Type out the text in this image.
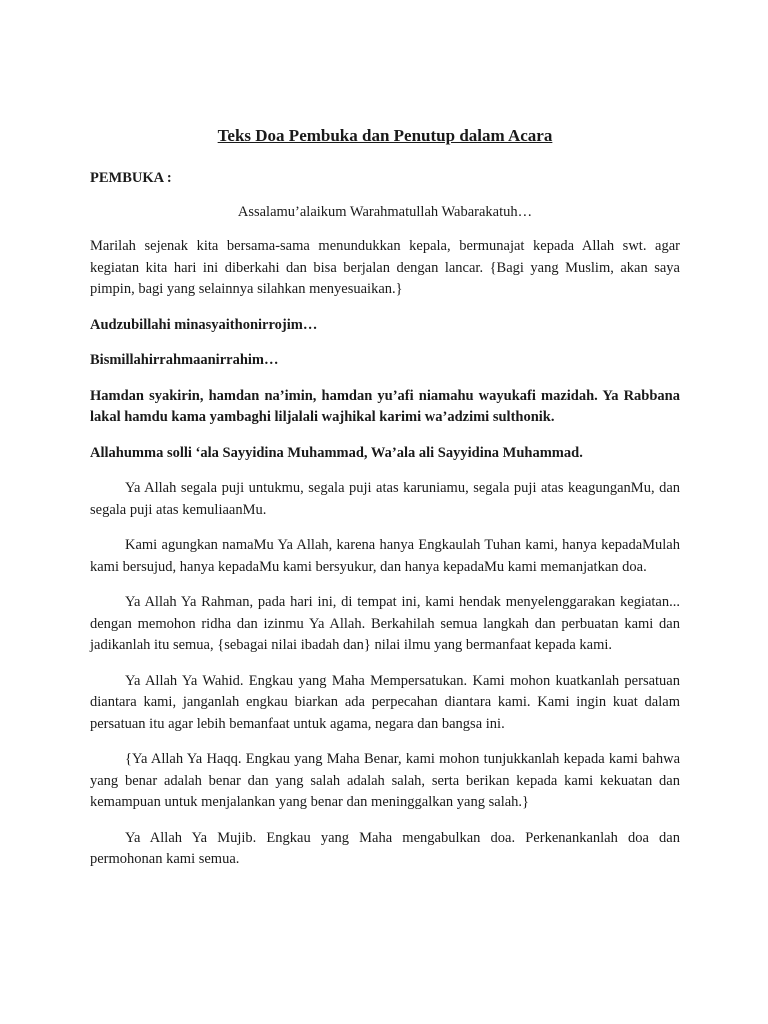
Teks Doa Pembuka dan Penutup dalam Acara
PEMBUKA :
Assalamu’alaikum Warahmatullah Wabarakatuh…

Marilah sejenak kita bersama-sama menundukkan kepala, bermunajat kepada Allah swt. agar kegiatan kita hari ini diberkahi dan bisa berjalan dengan lancar. {Bagi yang Muslim, akan saya pimpin, bagi yang selainnya silahkan menyesuaikan.}

Audzubillahi minasyaithonirrojim…

Bismillahirrahmaanirrahim…

Hamdan syakirin, hamdan na’imin, hamdan yu’afi niamahu wayukafi mazidah. Ya Rabbana lakal hamdu kama yambaghi liljalali wajhikal karimi wa’adzimi sulthonik.

Allahumma solli ‘ala Sayyidina Muhammad, Wa’ala ali Sayyidina Muhammad.

Ya Allah segala puji untukmu, segala puji atas karuniamu, segala puji atas keagunganMu, dan segala puji atas kemuliaanMu.

Kami agungkan namaMu Ya Allah, karena hanya Engkaulah Tuhan kami, hanya kepadaMulah kami bersujud, hanya kepadaMu kami bersyukur, dan hanya kepadaMu kami memanjatkan doa.

Ya Allah Ya Rahman, pada hari ini, di tempat ini, kami hendak menyelenggarakan kegiatan... dengan memohon ridha dan izinmu Ya Allah. Berkahilah semua langkah dan perbuatan kami dan jadikanlah itu semua, {sebagai nilai ibadah dan} nilai ilmu yang bermanfaat kepada kami.

Ya Allah Ya Wahid. Engkau yang Maha Mempersatukan. Kami mohon kuatkanlah persatuan diantara kami, janganlah engkau biarkan ada perpecahan diantara kami. Kami ingin kuat dalam persatuan itu agar lebih bemanfaat untuk agama, negara dan bangsa ini.

{Ya Allah Ya Haqq. Engkau yang Maha Benar, kami mohon tunjukkanlah kepada kami bahwa yang benar adalah benar dan yang salah adalah salah, serta berikan kepada kami kekuatan dan kemampuan untuk menjalankan yang benar dan meninggalkan yang salah.}

Ya Allah Ya Mujib. Engkau yang Maha mengabulkan doa. Perkenankanlah doa dan permohonan kami semua.
